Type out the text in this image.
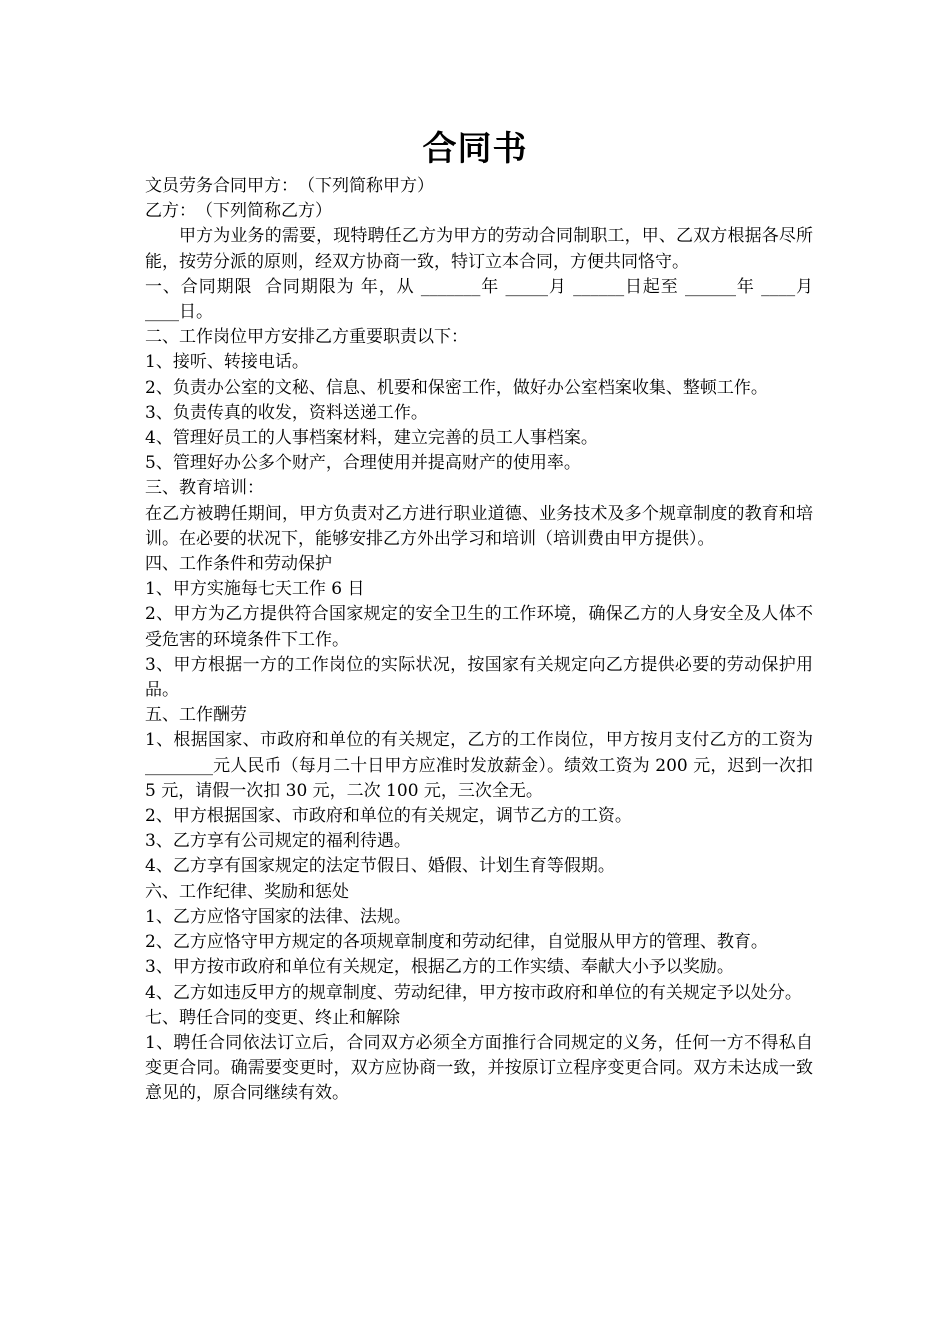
合同书

文员劳务合同甲方：　（下列简称甲方）

乙方：　（下列简称乙方）

甲方为业务的需要，现特聘任乙方为甲方的劳动合同制职工，甲、乙双方根据各尽所能，按劳分派的原则，经双方协商一致，特订立本合同，方便共同恪守。

一、合同期限  合同期限为 年，从 _______年 _____月 ______日起至 ______年 ____月 ____日。

二、工作岗位甲方安排乙方重要职责以下：

1、接听、转接电话。

2、负责办公室的文秘、信息、机要和保密工作，做好办公室档案收集、整顿工作。

3、负责传真的收发，资料送递工作。

4、管理好员工的人事档案材料，建立完善的员工人事档案。

5、管理好办公多个财产，合理使用并提高财产的使用率。

三、教育培训：

在乙方被聘任期间，甲方负责对乙方进行职业道德、业务技术及多个规章制度的教育和培训。在必要的状况下，能够安排乙方外出学习和培训（培训费由甲方提供）。

四、工作条件和劳动保护

1、甲方实施每七天工作 6 日

2、甲方为乙方提供符合国家规定的安全卫生的工作环境，确保乙方的人身安全及人体不受危害的环境条件下工作。

3、甲方根据一方的工作岗位的实际状况，按国家有关规定向乙方提供必要的劳动保护用品。

五、工作酬劳

1、根据国家、市政府和单位的有关规定，乙方的工作岗位，甲方按月支付乙方的工资为________元人民币（每月二十日甲方应准时发放薪金）。绩效工资为 200 元，迟到一次扣 5 元，请假一次扣 30 元，二次 100 元，三次全无。

2、甲方根据国家、市政府和单位的有关规定，调节乙方的工资。

3、乙方享有公司规定的福利待遇。

4、乙方享有国家规定的法定节假日、婚假、计划生育等假期。

六、工作纪律、奖励和惩处

1、乙方应恪守国家的法律、法规。

2、乙方应恪守甲方规定的各项规章制度和劳动纪律，自觉服从甲方的管理、教育。

3、甲方按市政府和单位有关规定，根据乙方的工作实绩、奉献大小予以奖励。

4、乙方如违反甲方的规章制度、劳动纪律，甲方按市政府和单位的有关规定予以处分。

七、聘任合同的变更、终止和解除

1、聘任合同依法订立后，合同双方必须全方面推行合同规定的义务，任何一方不得私自变更合同。确需要变更时，双方应协商一致，并按原订立程序变更合同。双方未达成一致意见的，原合同继续有效。
